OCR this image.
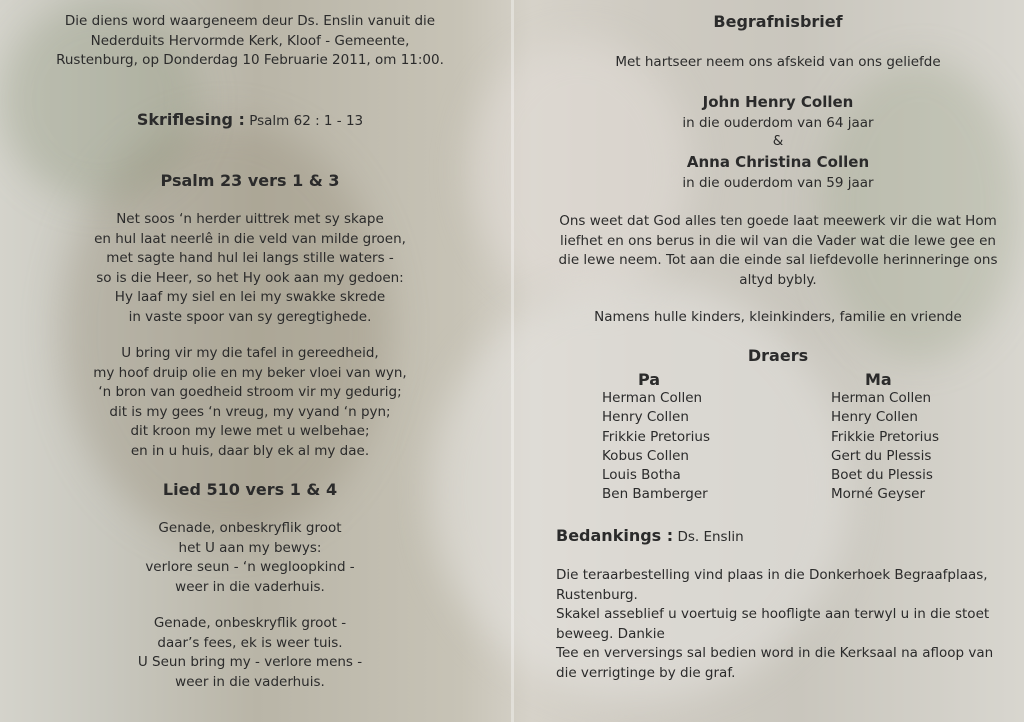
Die diens word waargeneem deur Ds. Enslin vanuit die
Nederduits Hervormde Kerk, Kloof - Gemeente,
Rustenburg, op Donderdag 10 Februarie 2011, om 11:00.
Skriflesing : Psalm 62 : 1 - 13
Psalm 23 vers 1 & 3
Net soos ‘n herder uittrek met sy skape
en hul laat neerlê in die veld van milde groen,
met sagte hand hul lei langs stille waters -
so is die Heer, so het Hy ook aan my gedoen:
Hy laaf my siel en lei my swakke skrede
in vaste spoor van sy geregtighede.
U bring vir my die tafel in gereedheid,
my hoof druip olie en my beker vloei van wyn,
‘n bron van goedheid stroom vir my gedurig;
dit is my gees ‘n vreug, my vyand ‘n pyn;
dit kroon my lewe met u welbehae;
en in u huis, daar bly ek al my dae.
Lied 510 vers 1 & 4
Genade, onbeskryflik groot
het U aan my bewys:
verlore seun - ‘n wegloopkind -
weer in die vaderhuis.
Genade, onbeskryflik groot -
daar’s fees, ek is weer tuis.
U Seun bring my - verlore mens -
weer in die vaderhuis.
Begrafnisbrief
Met hartseer neem ons afskeid van ons geliefde
John Henry Collen
in die ouderdom van 64 jaar
&
Anna Christina Collen
in die ouderdom van 59 jaar
Ons weet dat God alles ten goede laat meewerk vir die wat Hom
liefhet en ons berus in die wil van die Vader wat die lewe gee en
die lewe neem. Tot aan die einde sal liefdevolle herinneringe ons
altyd bybly.
Namens hulle kinders, kleinkinders, familie en vriende
Draers
Pa
Herman Collen
Henry Collen
Frikkie Pretorius
Kobus Collen
Louis Botha
Ben Bamberger
Ma
Herman Collen
Henry Collen
Frikkie Pretorius
Gert du Plessis
Boet du Plessis
Morné Geyser
Bedankings : Ds. Enslin
Die teraarbestelling vind plaas in die Donkerhoek Begraafplaas,
Rustenburg.
Skakel asseblief u voertuig se hoofligte aan terwyl u in die stoet
beweeg. Dankie
Tee en verversings sal bedien word in die Kerksaal na afloop van
die verrigtinge by die graf.
